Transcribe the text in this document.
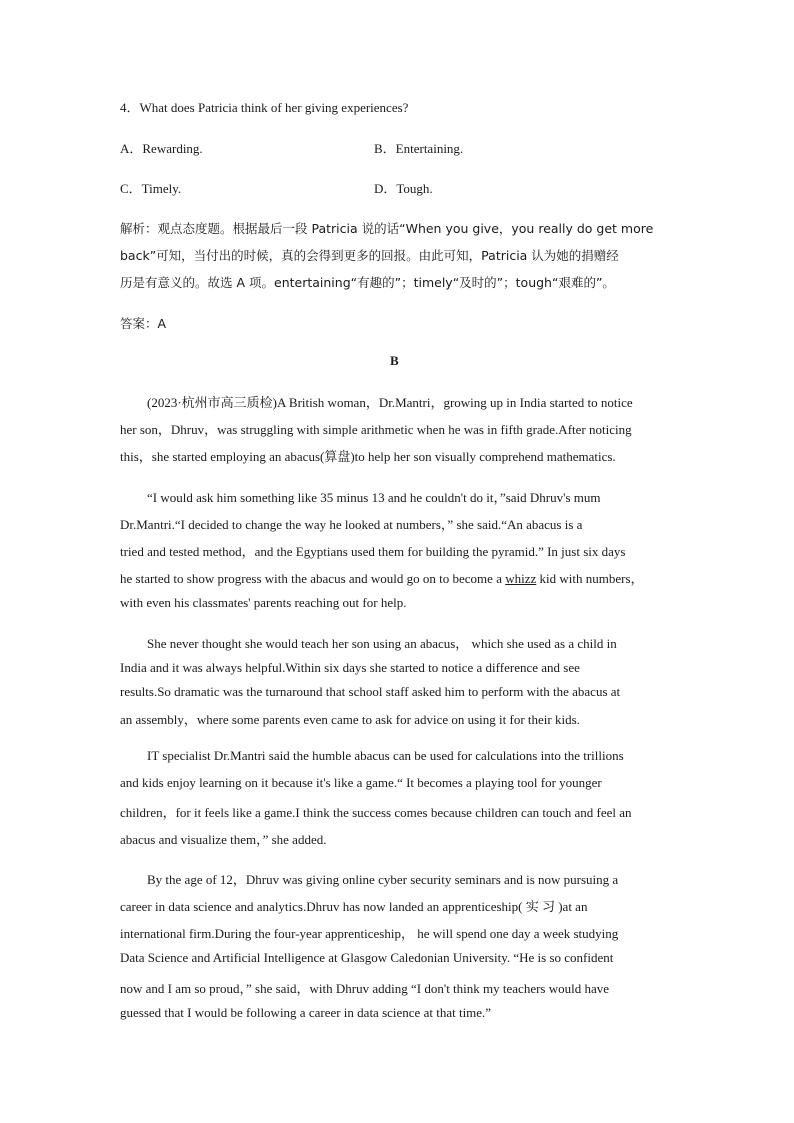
4．What does Patricia think of her giving experiences?
A．Rewarding.	B．Entertaining.
C．Timely.	D．Tough.
解析：观点态度题。根据最后一段 Patricia 说的话“When you give，you really do get more
back”可知，当付出的时候，真的会得到更多的回报。由此可知，Patricia 认为她的捐赠经
历是有意义的。故选 A 项。entertaining“有趣的”；timely“及时的”；tough“艰难的”。
答案：A
B
(2023·杭州市高三质检)A British woman，Dr.Mantri，growing up in India started to notice
her son，Dhruv，was struggling with simple arithmetic when he was in fifth grade.After noticing
this，she started employing an abacus(算盘)to help her son visually comprehend mathematics.
“I would ask him something like 35 minus 13 and he couldn't do it，”said Dhruv's mum
Dr.Mantri.“I decided to change the way he looked at numbers，” she said.“An abacus is a
tried and tested method，and the Egyptians used them for building the pyramid.” In just six days
he started to show progress with the abacus and would go on to become a whizz kid with numbers，
with even his classmates' parents reaching out for help.
She never thought she would teach her son using an abacus， which she used as a child in
India and it was always helpful.Within six days she started to notice a difference and see
results.So dramatic was the turnaround that school staff asked him to perform with the abacus at
an assembly，where some parents even came to ask for advice on using it for their kids.
IT specialist Dr.Mantri said the humble abacus can be used for calculations into the trillions
and kids enjoy learning on it because it's like a game.“ It becomes a playing tool for younger
children，for it feels like a game.I think the success comes because children can touch and feel an
abacus and visualize them，” she added.
By the age of 12，Dhruv was giving online cyber security seminars and is now pursuing a
career in data science and analytics.Dhruv has now landed an apprenticeship( 实 习 )at an
international firm.During the four-year apprenticeship， he will spend one day a week studying
Data Science and Artificial Intelligence at Glasgow Caledonian University. “He is so confident
now and I am so proud，” she said，with Dhruv adding “I don't think my teachers would have
guessed that I would be following a career in data science at that time.”
